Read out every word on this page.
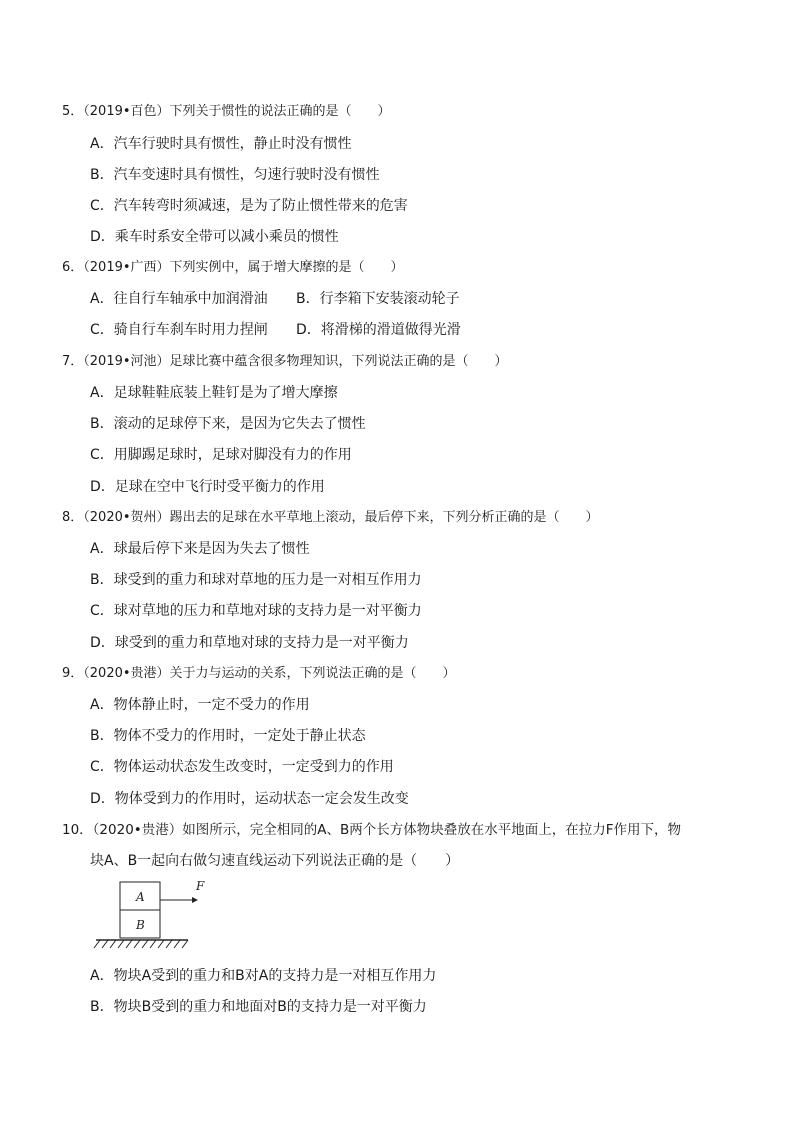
5．（2019•百色）下列关于惯性的说法正确的是（　　）
A．汽车行驶时具有惯性，静止时没有惯性
B．汽车变速时具有惯性，匀速行驶时没有惯性
C．汽车转弯时须减速，是为了防止惯性带来的危害
D．乘车时系安全带可以减小乘员的惯性
6．（2019•广西）下列实例中，属于增大摩擦的是（　　）
A．往自行车轴承中加润滑油 B．行李箱下安装滚动轮子
C．骑自行车刹车时用力捏闸 D．将滑梯的滑道做得光滑
7．（2019•河池）足球比赛中蕴含很多物理知识，下列说法正确的是（　　）
A．足球鞋鞋底装上鞋钉是为了增大摩擦
B．滚动的足球停下来，是因为它失去了惯性
C．用脚踢足球时，足球对脚没有力的作用
D．足球在空中飞行时受平衡力的作用
8．（2020•贺州）踢出去的足球在水平草地上滚动，最后停下来，下列分析正确的是（　　）
A．球最后停下来是因为失去了惯性
B．球受到的重力和球对草地的压力是一对相互作用力
C．球对草地的压力和草地对球的支持力是一对平衡力
D．球受到的重力和草地对球的支持力是一对平衡力
9．（2020•贵港）关于力与运动的关系，下列说法正确的是（　　）
A．物体静止时，一定不受力的作用
B．物体不受力的作用时，一定处于静止状态
C．物体运动状态发生改变时，一定受到力的作用
D．物体受到力的作用时，运动状态一定会发生改变
10．（2020•贵港）如图所示，完全相同的A、B两个长方体物块叠放在水平地面上，在拉力F作用下，物
块A、B一起向右做匀速直线运动下列说法正确的是（　　）
A
B
F
A．物块A受到的重力和B对A的支持力是一对相互作用力
B．物块B受到的重力和地面对B的支持力是一对平衡力
